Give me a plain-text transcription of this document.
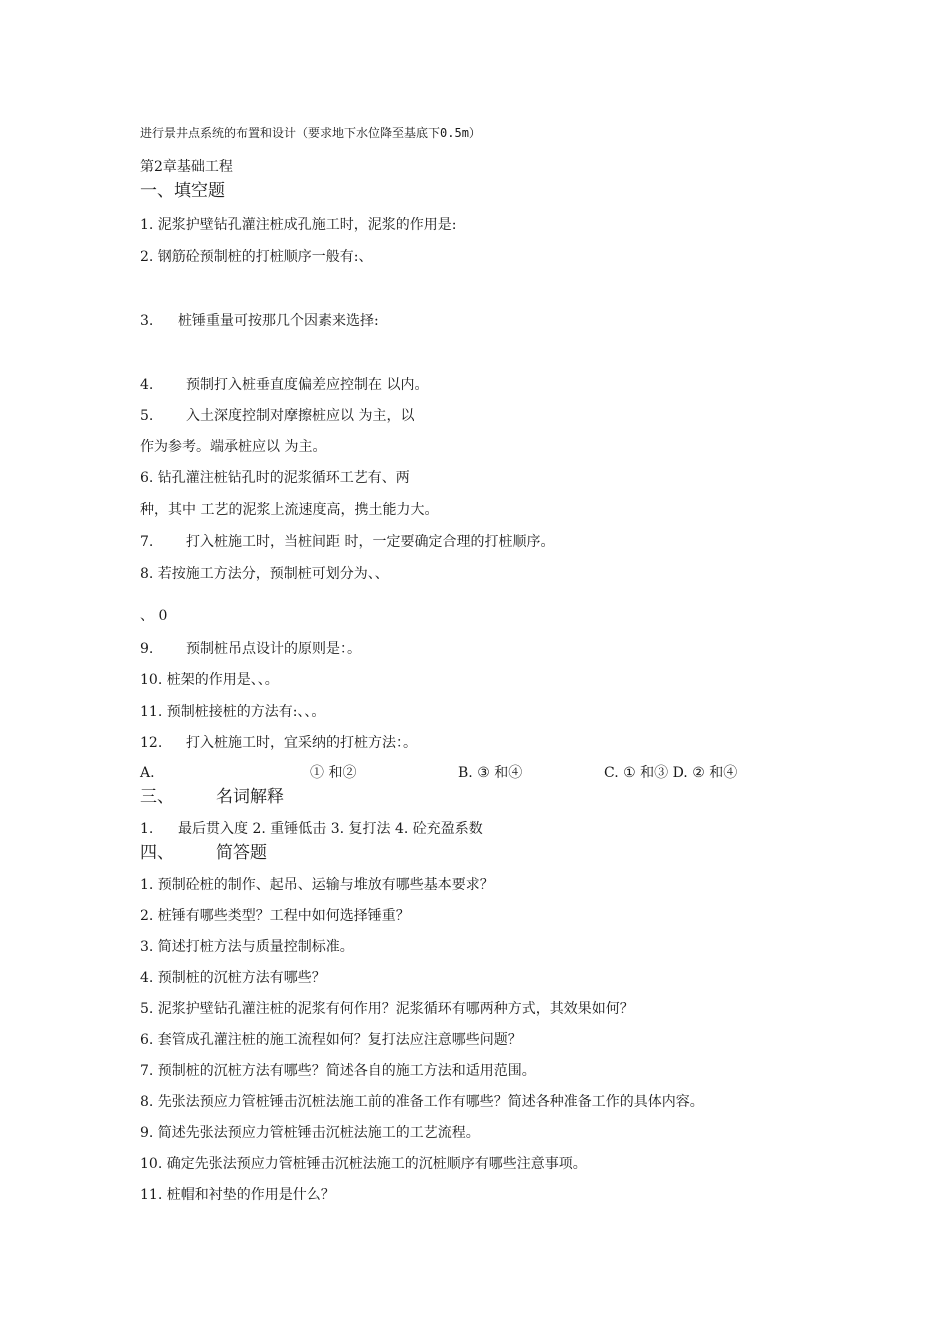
进行景井点系统的布置和设计（要求地下水位降至基底下0.5m）
第2章基础工程
一、填空题
1. 泥浆护壁钻孔灌注桩成孔施工时，泥浆的作用是:
2. 钢筋砼预制桩的打桩顺序一般有:、
3. 桩锤重量可按那几个因素来选择:
4. 预制打入桩垂直度偏差应控制在 以内。
5. 入土深度控制对摩擦桩应以 为主，以
作为参考。端承桩应以 为主。
6. 钻孔灌注桩钻孔时的泥浆循环工艺有、两
种，其中 工艺的泥浆上流速度高，携土能力大。
7. 打入桩施工时，当桩间距 时，一定要确定合理的打桩顺序。
8. 若按施工方法分，预制桩可划分为、、
、 0
9. 预制桩吊点设计的原则是：。
10. 桩架的作用是、、。
11. 预制桩接桩的方法有:、、。
12. 打入桩施工时，宜采纳的打桩方法：。
A.	① 和②	B. ③ 和④	C. ① 和③ D. ② 和④
三、 名词解释
1. 最后贯入度 2. 重锤低击 3. 复打法 4. 砼充盈系数
四、 简答题
1. 预制砼桩的制作、起吊、运输与堆放有哪些基本要求？
2. 桩锤有哪些类型？工程中如何选择锤重？
3. 简述打桩方法与质量控制标准。
4. 预制桩的沉桩方法有哪些？
5. 泥浆护壁钻孔灌注桩的泥浆有何作用？泥浆循环有哪两种方式，其效果如何？
6. 套管成孔灌注桩的施工流程如何？复打法应注意哪些问题？
7. 预制桩的沉桩方法有哪些？简述各自的施工方法和适用范围。
8. 先张法预应力管桩锤击沉桩法施工前的准备工作有哪些？简述各种准备工作的具体内容。
9. 简述先张法预应力管桩锤击沉桩法施工的工艺流程。
10. 确定先张法预应力管桩锤击沉桩法施工的沉桩顺序有哪些注意事项。
11. 桩帽和衬垫的作用是什么？
